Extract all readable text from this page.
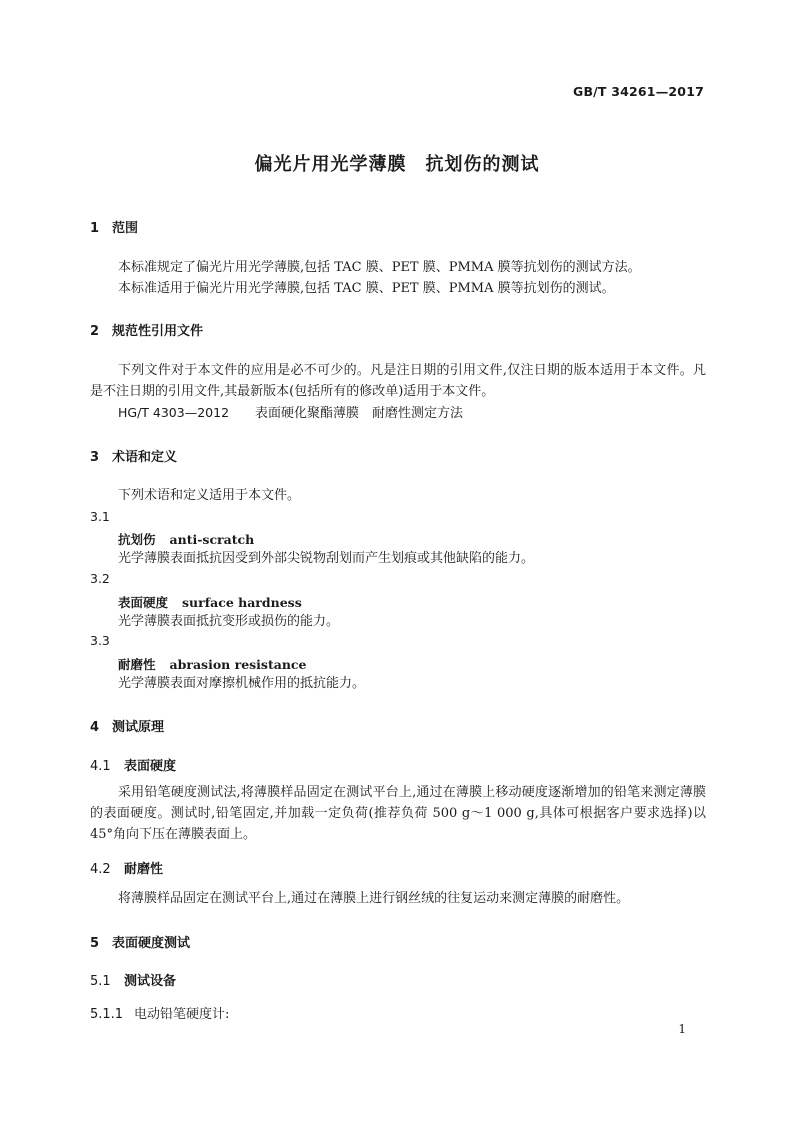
GB/T 34261—2017
偏光片用光学薄膜　抗划伤的测试
1 范围
本标准规定了偏光片用光学薄膜,包括 TAC 膜、PET 膜、PMMA 膜等抗划伤的测试方法。
本标准适用于偏光片用光学薄膜,包括 TAC 膜、PET 膜、PMMA 膜等抗划伤的测试。
2 规范性引用文件
下列文件对于本文件的应用是必不可少的。凡是注日期的引用文件,仅注日期的版本适用于本文件。凡是不注日期的引用文件,其最新版本(包括所有的修改单)适用于本文件。
HG/T 4303—2012 表面硬化聚酯薄膜　耐磨性测定方法
3 术语和定义
下列术语和定义适用于本文件。
3.1
抗划伤 anti-scratch
光学薄膜表面抵抗因受到外部尖锐物刮划而产生划痕或其他缺陷的能力。
3.2
表面硬度 surface hardness
光学薄膜表面抵抗变形或损伤的能力。
3.3
耐磨性 abrasion resistance
光学薄膜表面对摩擦机械作用的抵抗能力。
4 测试原理
4.1 表面硬度
采用铅笔硬度测试法,将薄膜样品固定在测试平台上,通过在薄膜上移动硬度逐渐增加的铅笔来测定薄膜的表面硬度。测试时,铅笔固定,并加载一定负荷(推荐负荷 500 g～1 000 g,具体可根据客户要求选择)以 45°角向下压在薄膜表面上。
4.2 耐磨性
将薄膜样品固定在测试平台上,通过在薄膜上进行钢丝绒的往复运动来测定薄膜的耐磨性。
5 表面硬度测试
5.1 测试设备
5.1.1 电动铅笔硬度计:
1
